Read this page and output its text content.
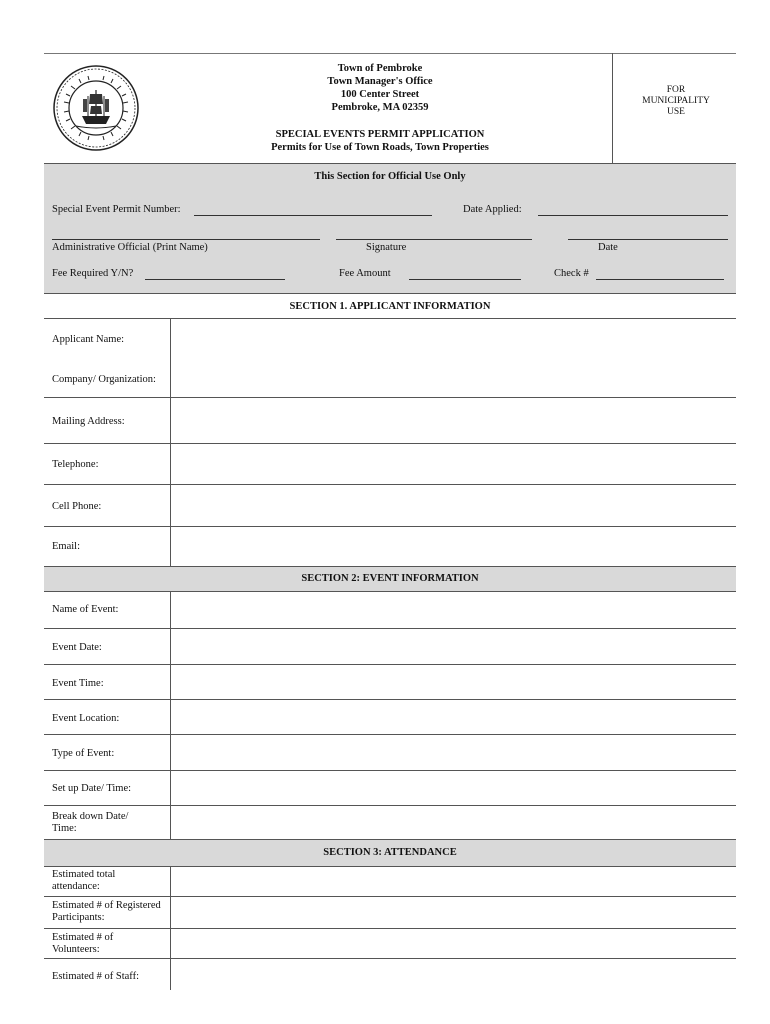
Town of Pembroke
Town Manager's Office
100 Center Street
Pembroke, MA 02359
SPECIAL EVENTS PERMIT APPLICATION
Permits for Use of Town Roads, Town Properties
FOR
MUNICIPALITY
USE
This Section for Official Use Only
Special Event Permit Number:	Date Applied:
Administrative Official (Print Name)	Signature	Date
Fee Required Y/N?	Fee Amount	Check #
SECTION 1. APPLICANT INFORMATION
Applicant Name:
Company/ Organization:
Mailing Address:
Telephone:
Cell Phone:
Email:
SECTION 2: EVENT INFORMATION
Name of Event:
Event Date:
Event Time:
Event Location:
Type of Event:
Set up Date/ Time:
Break down Date/ Time:
SECTION 3: ATTENDANCE
Estimated total attendance:
Estimated # of Registered Participants:
Estimated # of Volunteers:
Estimated # of Staff:
